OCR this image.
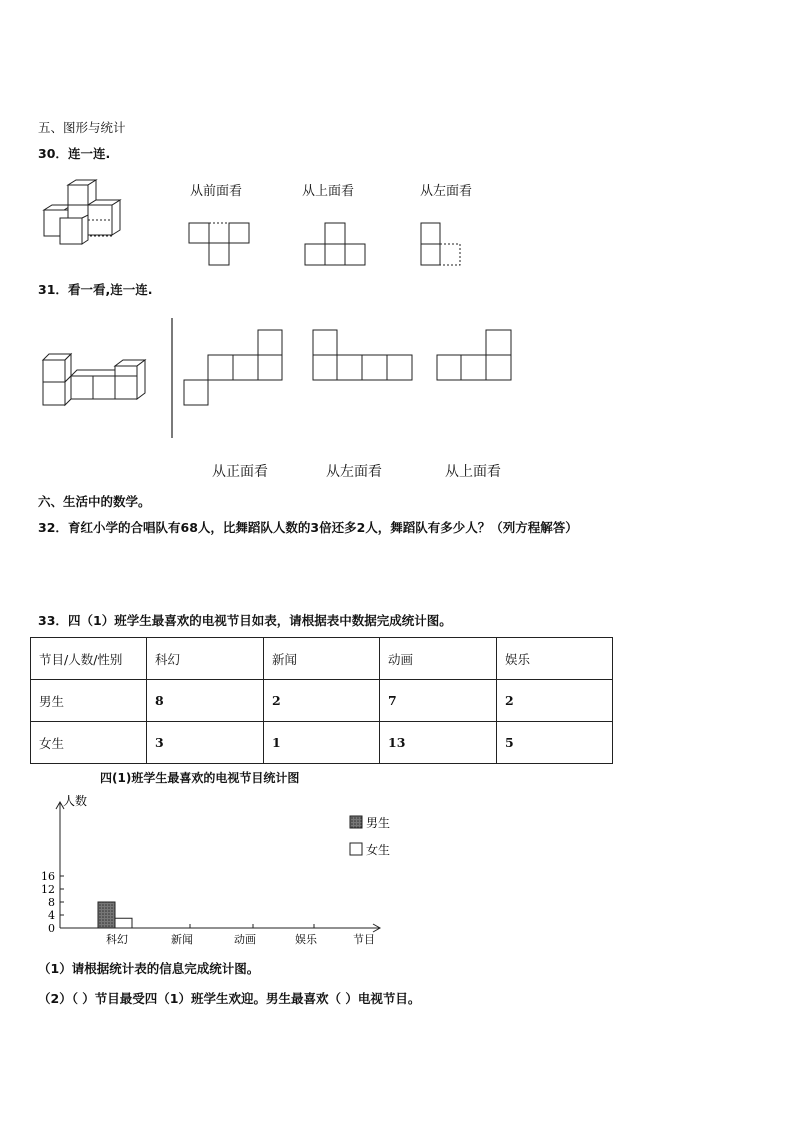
五、图形与统计
30． 连一连.
从前面看	从上面看	从左面看
31． 看一看,连一连.
从正面看	从左面看	从上面看
六、生活中的数学。
32． 育红小学的合唱队有68人，比舞蹈队人数的3倍还多2人，舞蹈队有多少人？（列方程解答）
33． 四（1）班学生最喜欢的电视节目如表，请根据表中数据完成统计图。
节目/人数/性别	科幻	新闻	动画	娱乐
男生	8	2	7	2
女生	3	1	13	5
四(1)班学生最喜欢的电视节目统计图
人数
0
4
8
12
16
科幻	新闻	动画	娱乐	节目
男生
女生
（1）请根据统计表的信息完成统计图。
（2）（ ）节目最受四（1）班学生欢迎。男生最喜欢（ ）电视节目。
